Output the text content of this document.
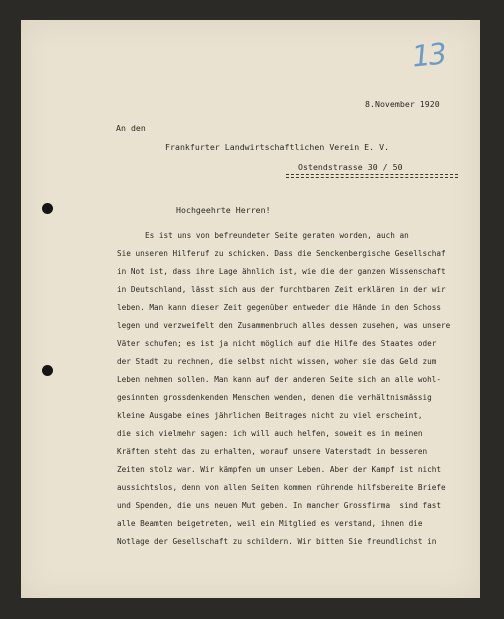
13
8.November 1920
An den
Frankfurter Landwirtschaftlichen Verein E. V.
Ostendstrasse 30 / 50
Hochgeehrte Herren!
Es ist uns von befreundeter Seite geraten worden, auch an
Sie unseren Hilferuf zu schicken. Dass die Senckenbergische Gesellschaf
in Not ist, dass ihre Lage ähnlich ist, wie die der ganzen Wissenschaft
in Deutschland, lässt sich aus der furchtbaren Zeit erklären in der wir
leben. Man kann dieser Zeit gegenüber entweder die Hände in den Schoss
legen und verzweifelt den Zusammenbruch alles dessen zusehen, was unsere
Väter schufen; es ist ja nicht möglich auf die Hilfe des Staates oder
der Stadt zu rechnen, die selbst nicht wissen, woher sie das Geld zum
Leben nehmen sollen. Man kann auf der anderen Seite sich an alle wohl-
gesinnten grossdenkenden Menschen wenden, denen die verhältnismässig
kleine Ausgabe eines jährlichen Beitrages nicht zu viel erscheint,
die sich vielmehr sagen: ich will auch helfen, soweit es in meinen
Kräften steht das zu erhalten, worauf unsere Vaterstadt in besseren
Zeiten stolz war. Wir kämpfen um unser Leben. Aber der Kampf ist nicht
aussichtslos, denn von allen Seiten kommen rührende hilfsbereite Briefe
und Spenden, die uns neuen Mut geben. In mancher Grossfirma  sind fast
alle Beamten beigetreten, weil ein Mitglied es verstand, ihnen die
Notlage der Gesellschaft zu schildern. Wir bitten Sie freundlichst in
